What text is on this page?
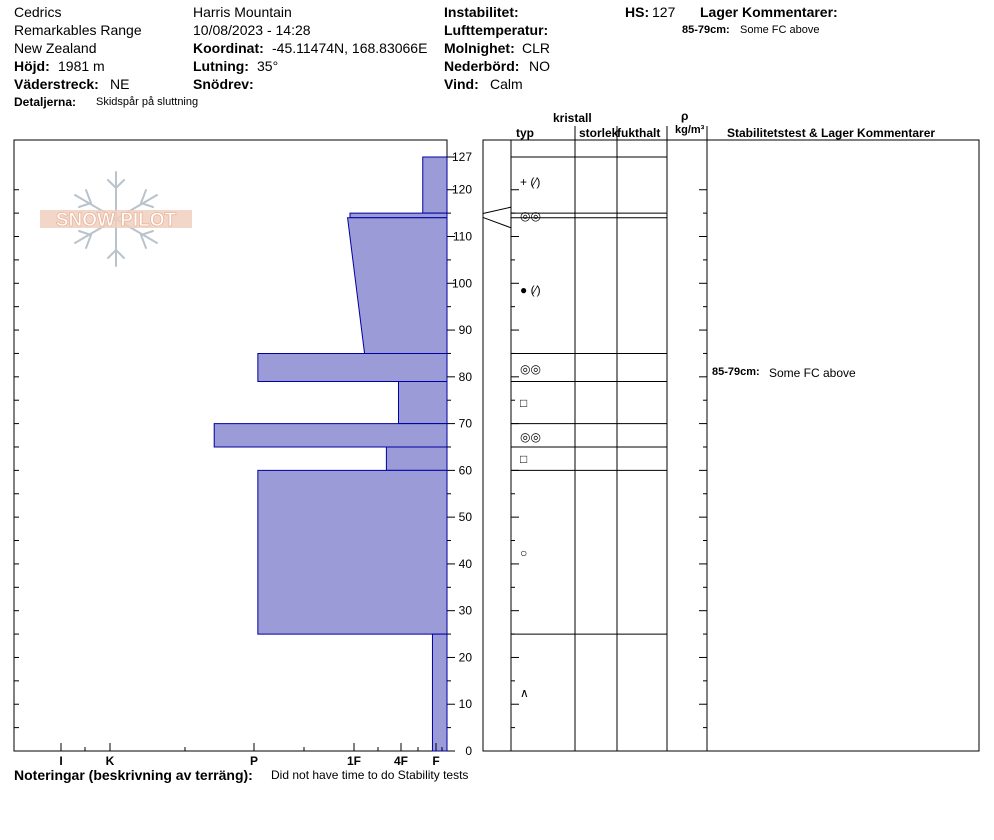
Cedrics
Remarkables Range
New Zealand
Höjd: 1981 m
Väderstreck: NE
Detaljerna: Skidspår på sluttning
Harris Mountain
10/08/2023 - 14:28
Koordinat: -45.11474N, 168.83066E
Lutning: 35°
Snödrev:
Instabilitet:
Lufttemperatur:
Molnighet: CLR
Nederbörd: NO
Vind: Calm
HS: 127 Lager Kommentarer:
85-79cm: Some FC above
SNOW PILOT
0
10
20
30
40
50
60
70
80
90
100
110
120
127
I	K	P	1F	4F F
+ (⁄)
◎◎
● (⁄)
◎◎
□
◎◎
□
○
∧
kristall
typ	storlek
fukthalt
ρ
kg/m³ Stabilitetstest & Lager Kommentarer
85-79cm: Some FC above
Noteringar (beskrivning av terräng): Did not have time to do Stability tests
